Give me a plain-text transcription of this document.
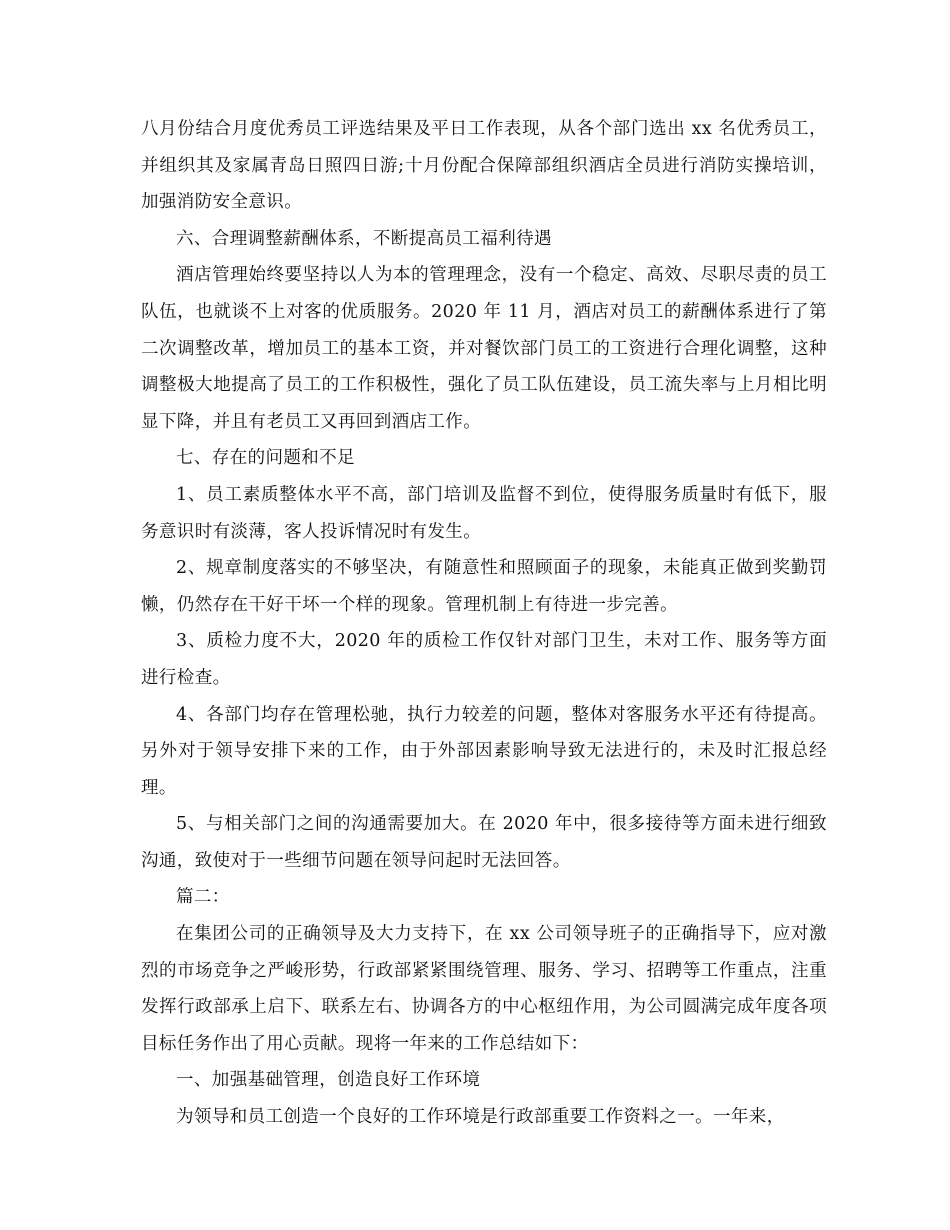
八月份结合月度优秀员工评选结果及平日工作表现，从各个部门选出 xx 名优秀员工，并组织其及家属青岛日照四日游;十月份配合保障部组织酒店全员进行消防实操培训，加强消防安全意识。

六、合理调整薪酬体系，不断提高员工福利待遇

酒店管理始终要坚持以人为本的管理理念，没有一个稳定、高效、尽职尽责的员工队伍，也就谈不上对客的优质服务。2020 年 11 月，酒店对员工的薪酬体系进行了第二次调整改革，增加员工的基本工资，并对餐饮部门员工的工资进行合理化调整，这种调整极大地提高了员工的工作积极性，强化了员工队伍建设，员工流失率与上月相比明显下降，并且有老员工又再回到酒店工作。

七、存在的问题和不足

1、员工素质整体水平不高，部门培训及监督不到位，使得服务质量时有低下，服务意识时有淡薄，客人投诉情况时有发生。

2、规章制度落实的不够坚决，有随意性和照顾面子的现象，未能真正做到奖勤罚懒，仍然存在干好干坏一个样的现象。管理机制上有待进一步完善。

3、质检力度不大，2020 年的质检工作仅针对部门卫生，未对工作、服务等方面进行检查。

4、各部门均存在管理松驰，执行力较差的问题，整体对客服务水平还有待提高。另外对于领导安排下来的工作，由于外部因素影响导致无法进行的，未及时汇报总经理。

5、与相关部门之间的沟通需要加大。在 2020 年中，很多接待等方面未进行细致沟通，致使对于一些细节问题在领导问起时无法回答。

篇二：

在集团公司的正确领导及大力支持下，在 xx 公司领导班子的正确指导下，应对激烈的市场竞争之严峻形势，行政部紧紧围绕管理、服务、学习、招聘等工作重点，注重发挥行政部承上启下、联系左右、协调各方的中心枢纽作用，为公司圆满完成年度各项目标任务作出了用心贡献。现将一年来的工作总结如下：

一、加强基础管理，创造良好工作环境

为领导和员工创造一个良好的工作环境是行政部重要工作资料之一。一年来，
